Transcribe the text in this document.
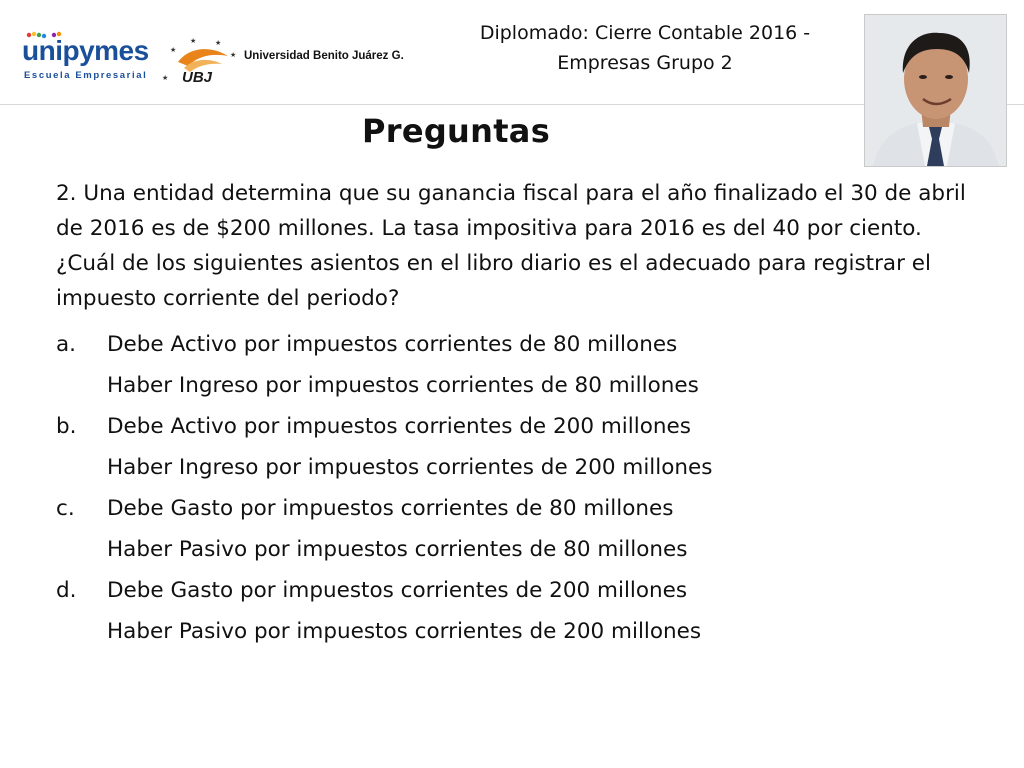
unipymes
Escuela Empresarial ★
★
★	★
★
UBJ
Universidad Benito Juárez G.
Diplomado: Cierre Contable 2016 -
Empresas Grupo 2
Preguntas

2. Una entidad determina que su ganancia fiscal para el año finalizado el 30 de abril de 2016 es de $200 millones. La tasa impositiva para 2016 es del 40 por ciento. ¿Cuál de los siguientes asientos en el libro diario es el adecuado para registrar el impuesto corriente del periodo?

a. Debe Activo por impuestos corrientes de 80 millones
Haber Ingreso por impuestos corrientes de 80 millones
b. Debe Activo por impuestos corrientes de 200 millones
Haber Ingreso por impuestos corrientes de 200 millones
c. Debe Gasto por impuestos corrientes de 80 millones
Haber Pasivo por impuestos corrientes de 80 millones
d. Debe Gasto por impuestos corrientes de 200 millones
Haber Pasivo por impuestos corrientes de 200 millones
